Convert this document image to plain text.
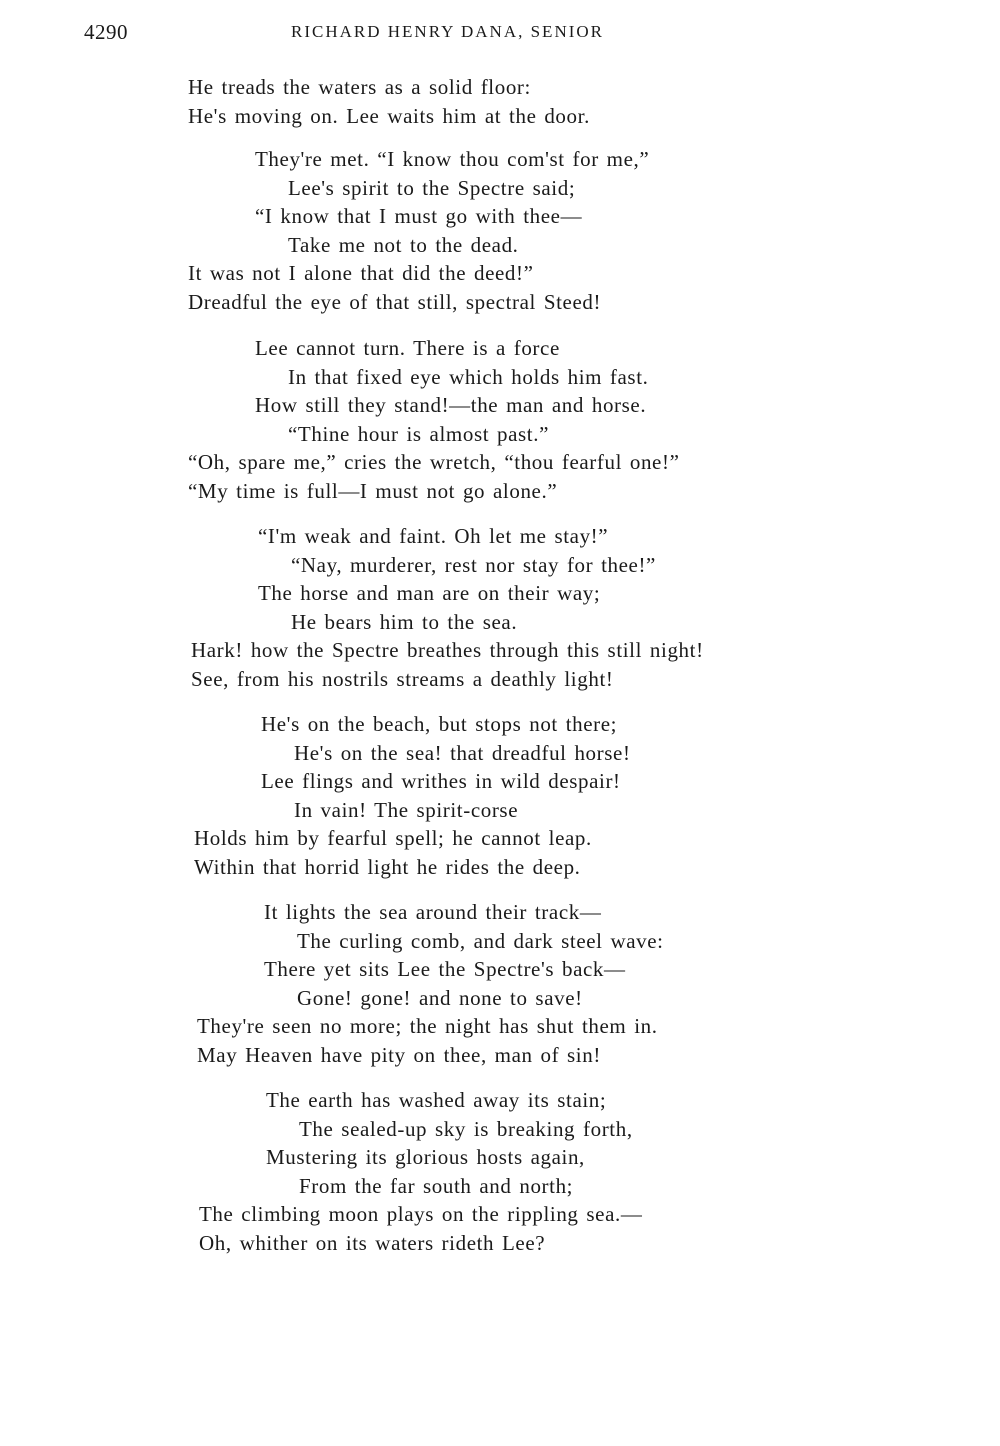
4290	RICHARD HENRY DANA, SENIOR
He treads the waters as a solid floor:
He's moving on. Lee waits him at the door.
They're met. “I know thou com'st for me,”
Lee's spirit to the Spectre said;
“I know that I must go with thee—
Take me not to the dead.
It was not I alone that did the deed!”
Dreadful the eye of that still, spectral Steed!
Lee cannot turn. There is a force
In that fixed eye which holds him fast.
How still they stand!—the man and horse.
“Thine hour is almost past.”
“Oh, spare me,” cries the wretch, “thou fearful one!”
“My time is full—I must not go alone.”
“I'm weak and faint. Oh let me stay!”
“Nay, murderer, rest nor stay for thee!”
The horse and man are on their way;
He bears him to the sea.
Hark! how the Spectre breathes through this still night!
See, from his nostrils streams a deathly light!
He's on the beach, but stops not there;
He's on the sea! that dreadful horse!
Lee flings and writhes in wild despair!
In vain! The spirit-corse
Holds him by fearful spell; he cannot leap.
Within that horrid light he rides the deep.
It lights the sea around their track—
The curling comb, and dark steel wave:
There yet sits Lee the Spectre's back—
Gone! gone! and none to save!
They're seen no more; the night has shut them in.
May Heaven have pity on thee, man of sin!
The earth has washed away its stain;
The sealed-up sky is breaking forth,
Mustering its glorious hosts again,
From the far south and north;
The climbing moon plays on the rippling sea.—
Oh, whither on its waters rideth Lee?
